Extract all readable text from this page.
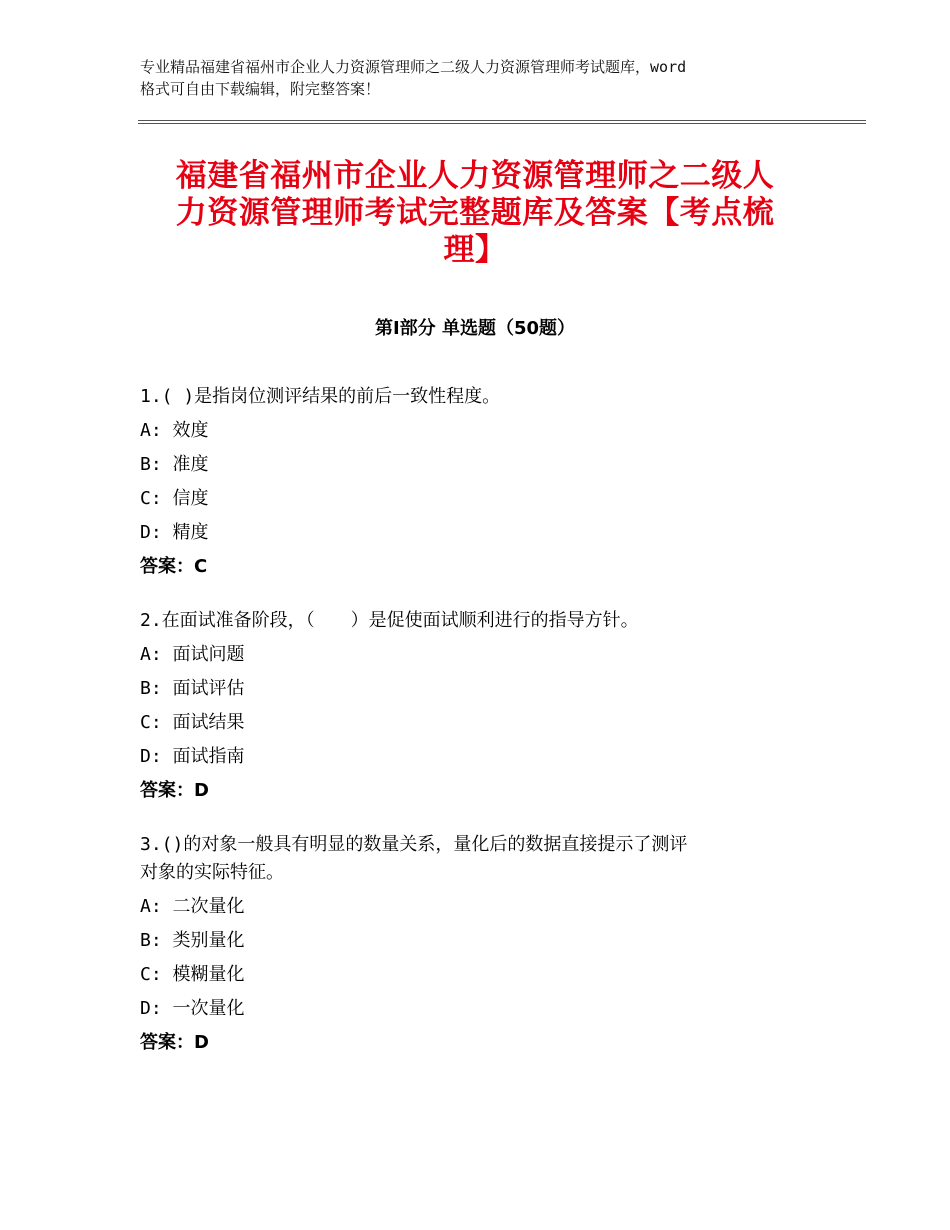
专业精品福建省福州市企业人力资源管理师之二级人力资源管理师考试题库，word
格式可自由下载编辑，附完整答案！
福建省福州市企业人力资源管理师之二级人
力资源管理师考试完整题库及答案【考点梳
理】
第Ⅰ部分 单选题（50题）
1.( )是指岗位测评结果的前后一致性程度。
A: 效度
B: 准度
C: 信度
D: 精度
答案：C
2.在面试准备阶段，（　　）是促使面试顺利进行的指导方针。
A: 面试问题
B: 面试评估
C: 面试结果
D: 面试指南
答案：D
3.()的对象一般具有明显的数量关系，量化后的数据直接提示了测评
对象的实际特征。
A: 二次量化
B: 类别量化
C: 模糊量化
D: 一次量化
答案：D
